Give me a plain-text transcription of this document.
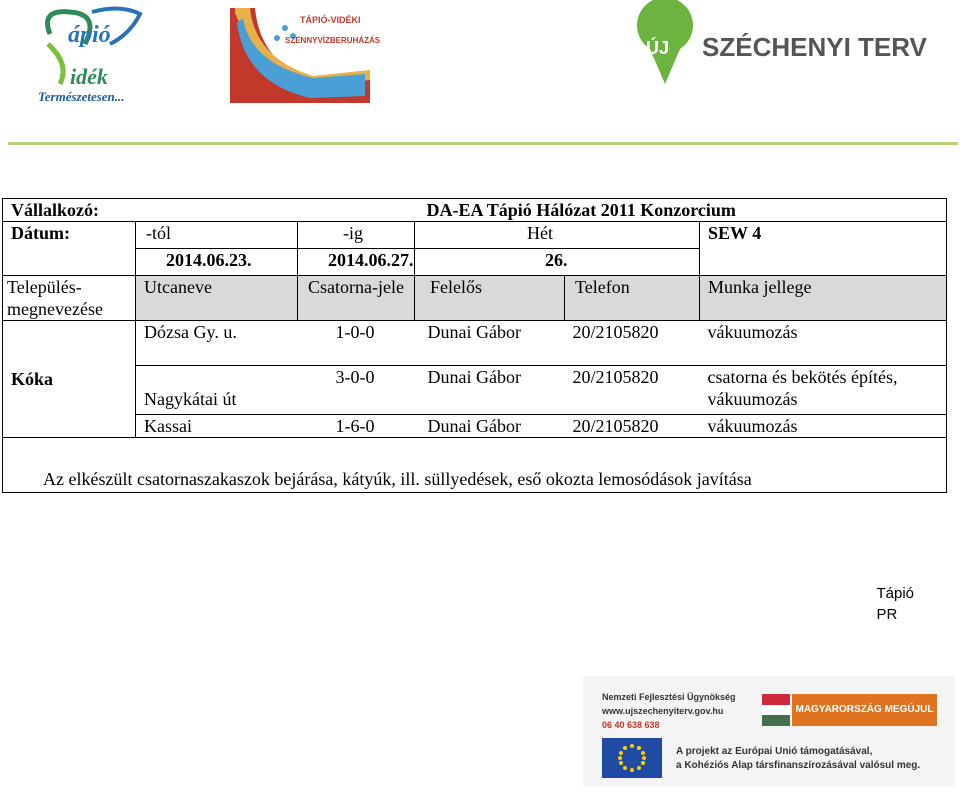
ápió
idék
Természetesen...
TÁPIÓ-VIDÉKI
SZENNYVÍZBERUHÁZÁS	ÚJ SZÉCHENYI TERV
Vállalkozó:			DA-EA Tápió Hálózat 2011 Konzorcium		
Dátum:	-tól	-ig	Hét		SEW 4
	2014.06.23.	2014.06.27.	26.		
Település-megnevezése	Utcaneve	Csatorna-jele	Felelős	Telefon	Munka jellege
Kóka	Dózsa Gy. u.	1-0-0	Dunai Gábor	20/2105820	vákuumozás
	Nagykátai út	3-0-0	Dunai Gábor	20/2105820	csatorna és bekötés építés, vákuumozás
	Kassai	1-6-0	Dunai Gábor	20/2105820	vákuumozás
Az elkészült csatornaszakaszok bejárása, kátyúk, ill. süllyedések, eső okozta lemosódások javítása					
Tápió
PR
Nemzeti Fejlesztési Ügynökség
www.ujszechenyiterv.gov.hu
06 40 638 638
MAGYARORSZÁG MEGÚJUL
A projekt az Európai Unió támogatásával,
a Kohéziós Alap társfinanszírozásával valósul meg.
